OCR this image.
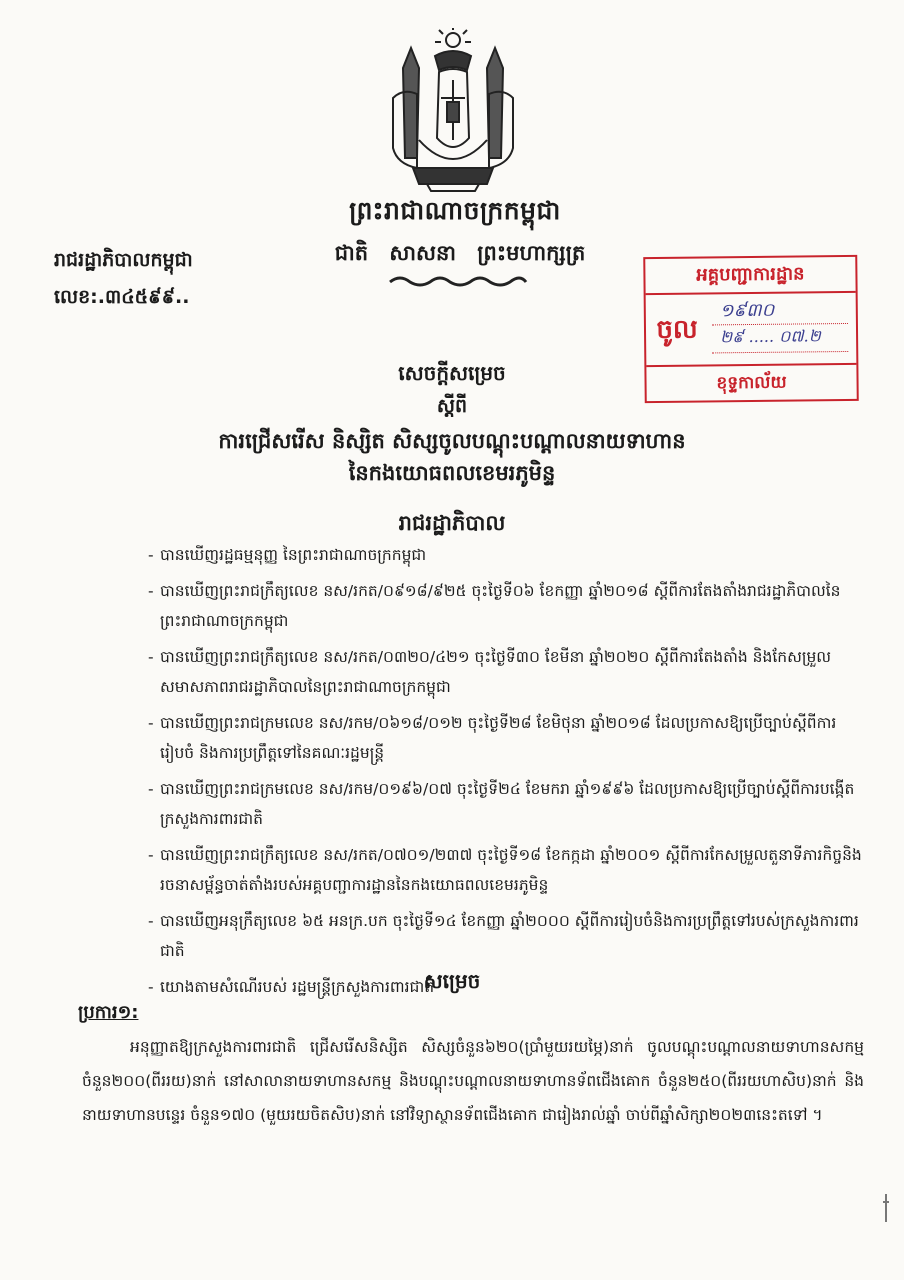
ព្រះរាជាណាចក្រកម្ពុជា
ជាតិ សាសនា ព្រះមហាក្សត្រ
រាជរដ្ឋាភិបាលកម្ពុជា
លេខ:.៣៤៥៩៩..
អគ្គបញ្ជាការដ្ឋាន
ចូល
១៩៣០
២៩ ..... ០៧.២
ខុទ្ទកាល័យ
សេចក្តីសម្រេច
ស្តីពី
ការជ្រើសរើស និស្សិត សិស្សចូលបណ្តុះបណ្តាលនាយទាហាន
នៃកងយោធពលខេមរភូមិន្ទ
រាជរដ្ឋាភិបាល
- បានឃើញរដ្ឋធម្មនុញ្ញ នៃព្រះរាជាណាចក្រកម្ពុជា
- បានឃើញព្រះរាជក្រឹត្យលេខ នស/រកត/០៩១៨/៩២៥ ចុះថ្ងៃទី០៦ ខែកញ្ញា ឆ្នាំ២០១៨ ស្តីពីការតែងតាំងរាជរដ្ឋាភិបាលនៃព្រះរាជាណាចក្រកម្ពុជា
- បានឃើញព្រះរាជក្រឹត្យលេខ នស/រកត/០៣២០/៤២១ ចុះថ្ងៃទី៣០ ខែមីនា ឆ្នាំ២០២០ ស្តីពីការតែងតាំង និងកែសម្រួលសមាសភាពរាជរដ្ឋាភិបាលនៃព្រះរាជាណាចក្រកម្ពុជា
- បានឃើញព្រះរាជក្រមលេខ នស/រកម/០៦១៨/០១២ ចុះថ្ងៃទី២៨ ខែមិថុនា ឆ្នាំ២០១៨ ដែលប្រកាសឱ្យប្រើច្បាប់ស្តីពីការរៀបចំ និងការប្រព្រឹត្តទៅនៃគណៈរដ្ឋមន្ត្រី
- បានឃើញព្រះរាជក្រមលេខ នស/រកម/០១៩៦/០៧ ចុះថ្ងៃទី២៤ ខែមករា ឆ្នាំ១៩៩៦ ដែលប្រកាសឱ្យប្រើច្បាប់ស្តីពីការបង្កើតក្រសួងការពារជាតិ
- បានឃើញព្រះរាជក្រឹត្យលេខ នស/រកត/០៧០១/២៣៧ ចុះថ្ងៃទី១៨ ខែកក្កដា ឆ្នាំ២០០១ ស្តីពីការកែសម្រួលតួនាទីភារកិច្ចនិងរចនាសម្ព័ន្ធចាត់តាំងរបស់អគ្គបញ្ជាការដ្ឋាននៃកងយោធពលខេមរភូមិន្ទ
- បានឃើញអនុក្រឹត្យលេខ ៦៥ អនក្រ.បក ចុះថ្ងៃទី១៤ ខែកញ្ញា ឆ្នាំ២០០០ ស្តីពីការរៀបចំនិងការប្រព្រឹត្តទៅរបស់ក្រសួងការពារជាតិ
- យោងតាមសំណើរបស់ រដ្ឋមន្ត្រីក្រសួងការពារជាតិ
សម្រេច
ប្រការ១:
អនុញ្ញាតឱ្យក្រសួងការពារជាតិ ជ្រើសរើសនិស្សិត សិស្សចំនួន៦២០(ប្រាំមួយរយម្ភៃ)នាក់ ចូលបណ្តុះបណ្តាលនាយទាហានសកម្ម ចំនួន២០០(ពីររយ)នាក់ នៅសាលានាយទាហានសកម្ម និងបណ្តុះបណ្តាលនាយទាហានទ័ពជើងគោក ចំនួន២៥០(ពីររយហាសិប)នាក់ និងនាយទាហានបន្ទេរ ចំនួន១៧០ (មួយរយចិតសិប)នាក់ នៅវិទ្យាស្ថានទ័ពជើងគោក ជារៀងរាល់ឆ្នាំ ចាប់ពីឆ្នាំសិក្សា២០២៣នេះតទៅ ។
